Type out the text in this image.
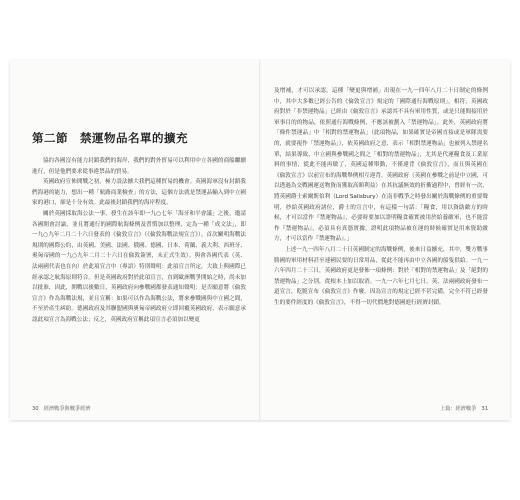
第二節　禁運物品名單的擴充

協約各國沒有能力封鎖我們的海岸，我們的對外貿易可以利用中立各國的商船繼續進行，但是他們要求從事違禁品的貿易。

英國政府宣佈開戰之初，極力設法擴大我們這種貿易的機會。英國海軍沒有封鎖我們海港的能力，想出一種「航路商業檢查」的方法，這個方法就是禁運品輸入到中立國家的港口，卻是十分有效。此最後封鎖我們的海岸程度。

關於英國採取海公法一事，發生在該年即一九○七年「海牙和平會議」之後，邀請各國開會討論，並且將通行的國際航海條例及習慣加以整理，定為一種「成文法」，即一九○九年二月二十六日發表的《倫敦宣言》（《倫敦海戰法規宣言》）。首次關明海戰法規則的國際公約，由英國、美國、法國、俄國、德國、日本、荷蘭、義大利、西班牙、奧匈帝國的一九○九年二月二十六日在倫敦簽署，未正式生效）。與會各國代表（英、法兩國代表也在內）於此項宣言中（專語）特別聲明：此項宣言所定，大致上與國際已經承認之航海原則符合。但是英國政府對於此項宣言，直到歐洲戰爭開始之時，尚未加以批准，因此，開戰以後數日，英國政府向參戰國都發表通知聲明：是否願意將《倫敦宣言》作為海戰法規，並且宣稱：如果可以作為海戰公法，將來參戰國與中立國之間，不至於產生糾紛。德國政府及其聯盟國與奧匈帝國政府立即回覆英國政府，表示願意承認此項宣言為海戰公法；反之，英國政府宣稱此項宣言必須加以變更

30　經濟戰爭與戰爭經濟

及增補，才可以承認，這種「變更與增補」出現在一九一四年八月二十日制定的條例中，其中大多數已經公告的《倫敦宣言》規定的「國際通行海戰原則」，相符，英國政府對於「非禁運物品」已經由《倫敦宣言》承認其不具有軍用性質，或是只能間接用於軍事目的的物品，依照通行海戰條例，不應該被劃入「禁運物品」。此外，英國政府將「條件禁運品」中「相對的禁運物品」（此項物品，如果確實是帝國直接或是軍隊需要的，就要視作「禁運物品」），依英國政府之意，表示「相對禁運物品」也被列入禁運名單，結果導致，中立國與參戰國之間之「相對的禁運物品」，尤其是代運糧食及工業原料的事情，從此不能再做了，英國這種舉動，不僅違背《倫敦宣言》，而且與英國在《倫敦宣言》以前宣布的海戰舉例相互違背，英國政府（英國在參戰之前是中立國，可以透過為交戰國運送物資而獲取高額利益）在其抗議無效的折衝過程中，曾經有一次，將英國爵士索爾斯伯利（Lord Salisbury）在南非戰爭之時發出關於海戰條例的重要聲明，抄給英國政府諸位，爵士的宣言中，有這樣一句話：「糧食，用以資助敵方的時候，才可以當作『禁運物品』，必要時要加以證明糧食確實被用於給養敵軍，也不能當作『禁運物品』，必須具有真憑實據，證明此項物品被在運的時候確實是用來資助敵方，才可以當作『禁運物品』。」

上述一九一四年八月二十日英國制定的海戰條例，後來日益擴充，其中，雙方戰事勝國的軍用材料甚至連國民要的日常用品，從此不能再由中立各國的船隻供給。一九一六年四月二十三日，英國政府更是發佈一項條例：對於「相對的禁運物品」及「絕對的禁運物品」之分別，從根本上加以取消。一九一六年七月七日，英、法兩國政府發布一道宣言，乾脆宣布《倫敦宣言》作廢。因為宣言的規定已經不甚完備，完全不符已經發生的要件經度的《倫敦宣言》，不得一切代價地對德國進行經濟封鎖。

上篇：經濟戰爭　31
